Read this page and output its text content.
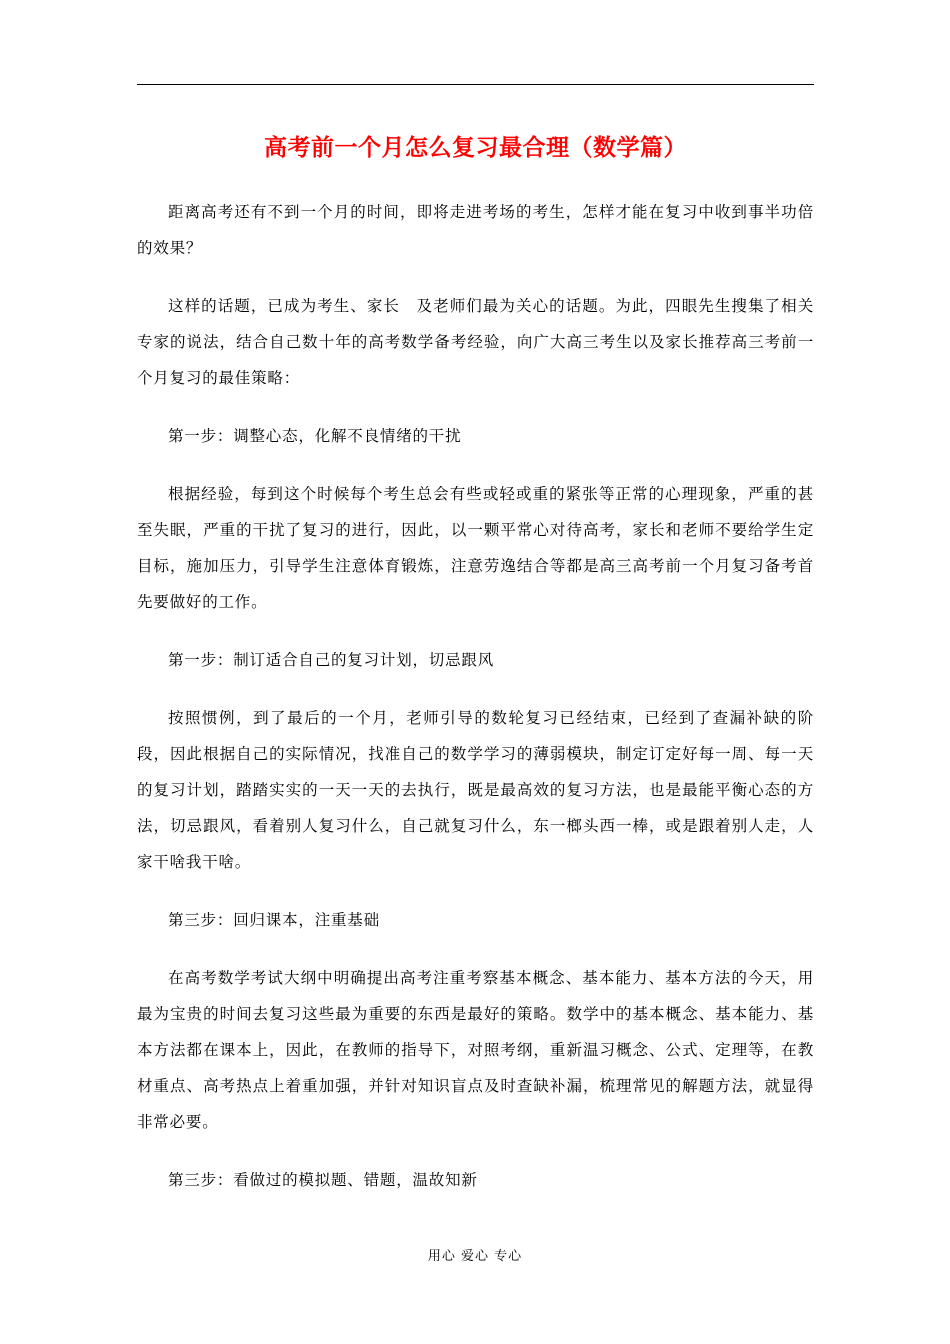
高考前一个月怎么复习最合理（数学篇）

距离高考还有不到一个月的时间，即将走进考场的考生，怎样才能在复习中收到事半功倍的效果？

这样的话题，已成为考生、家长　及老师们最为关心的话题。为此，四眼先生搜集了相关专家的说法，结合自己数十年的高考数学备考经验，向广大高三考生以及家长推荐高三考前一个月复习的最佳策略：

第一步：调整心态，化解不良情绪的干扰

根据经验，每到这个时候每个考生总会有些或轻或重的紧张等正常的心理现象，严重的甚至失眠，严重的干扰了复习的进行，因此，以一颗平常心对待高考，家长和老师不要给学生定目标，施加压力，引导学生注意体育锻炼，注意劳逸结合等都是高三高考前一个月复习备考首先要做好的工作。

第一步：制订适合自己的复习计划，切忌跟风

按照惯例，到了最后的一个月，老师引导的数轮复习已经结束，已经到了查漏补缺的阶段，因此根据自己的实际情况，找准自己的数学学习的薄弱模块，制定订定好每一周、每一天的复习计划，踏踏实实的一天一天的去执行，既是最高效的复习方法，也是最能平衡心态的方法，切忌跟风，看着别人复习什么，自己就复习什么，东一榔头西一棒，或是跟着别人走，人家干啥我干啥。

第三步：回归课本，注重基础

在高考数学考试大纲中明确提出高考注重考察基本概念、基本能力、基本方法的今天，用最为宝贵的时间去复习这些最为重要的东西是最好的策略。数学中的基本概念、基本能力、基本方法都在课本上，因此，在教师的指导下，对照考纲，重新温习概念、公式、定理等，在教材重点、高考热点上着重加强，并针对知识盲点及时查缺补漏，梳理常见的解题方法，就显得非常必要。

第三步：看做过的模拟题、错题，温故知新

用心 爱心 专心
